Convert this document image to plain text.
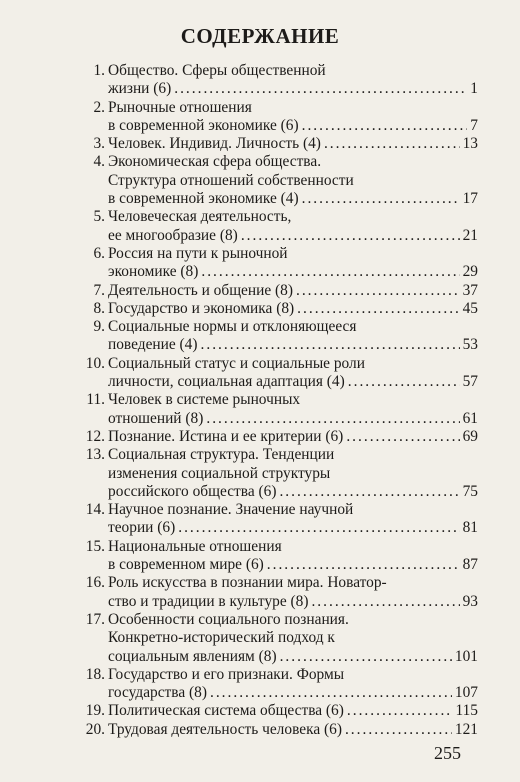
СОДЕРЖАНИЕ
1. Общество. Сферы общественной
жизни (6) .....	1
2. Рыночные отношения
в современной экономике (6) .....	7
3. Человек. Индивид. Личность (4) .....	13
4. Экономическая сфера общества.
Структура отношений собственности
в современной экономике (4) .....	17
5. Человеческая деятельность,
ее многообразие (8) .....	21
6. Россия на пути к рыночной
экономике (8) .....	29
7. Деятельность и общение (8) .....	37
8. Государство и экономика (8) .....	45
9. Социальные нормы и отклоняющееся
поведение (4) .....	53
10. Социальный статус и социальные роли
личности, социальная адаптация (4) .....	57
11. Человек в системе рыночных
отношений (8) .....	61
12. Познание. Истина и ее критерии (6) .....	69
13. Социальная структура. Тенденции
изменения социальной структуры
российского общества (6) .....	75
14. Научное познание. Значение научной
теории (6) .....	81
15. Национальные отношения
в современном мире (6) .....	87
16. Роль искусства в познании мира. Новатор-
ство и традиции в культуре (8) .....	93
17. Особенности социального познания.
Конкретно-исторический подход к
социальным явлениям (8) .....	101
18. Государство и его признаки. Формы
государства (8) .....	107
19. Политическая система общества (6) .....	115
20. Трудовая деятельность человека (6) .....	121
255
